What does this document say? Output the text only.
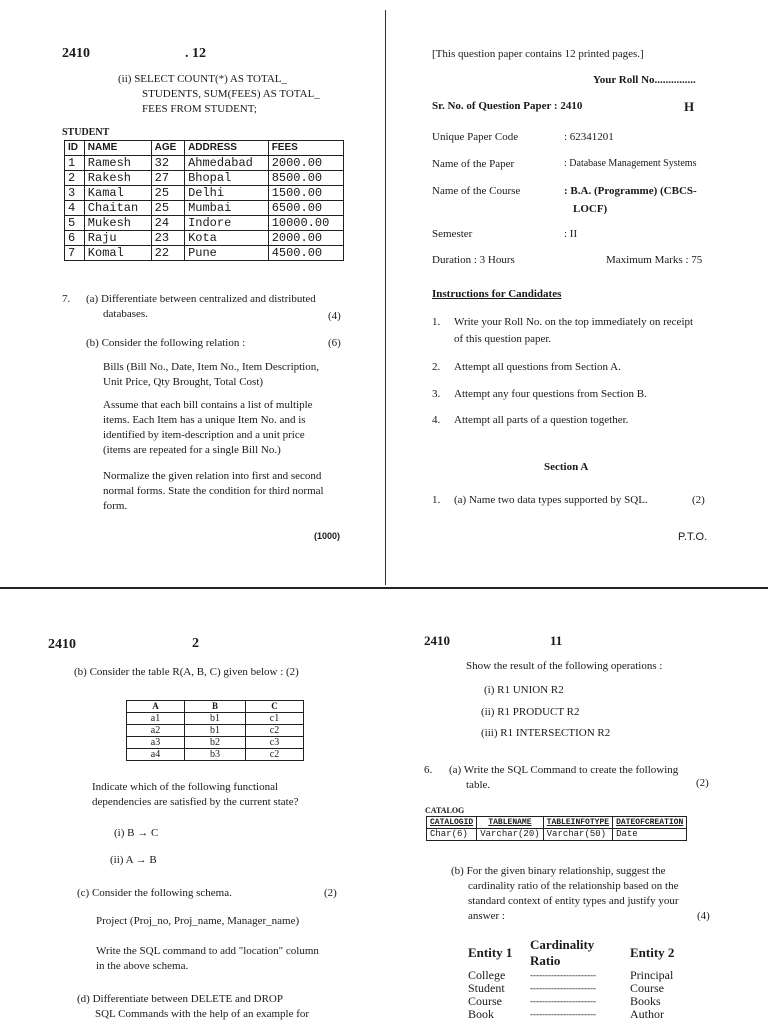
2410	. 12
(ii) SELECT COUNT(*) AS TOTAL_
STUDENTS, SUM(FEES) AS TOTAL_
FEES FROM STUDENT;
STUDENT
ID	NAME	AGE	ADDRESS	FEES
1	Ramesh	32	Ahmedabad	2000.00
2	Rakesh	27	Bhopal	8500.00
3	Kamal	25	Delhi	1500.00
4	Chaitan	25	Mumbai	6500.00
5	Mukesh	24	Indore	10000.00
6	Raju	23	Kota	2000.00
7	Komal	22	Pune	4500.00
7. (a) Differentiate between centralized and distributed
databases.	(4)
(b) Consider the following relation :	(6)
Bills (Bill No., Date, Item No., Item Description,
Unit Price, Qty Brought, Total Cost)
Assume that each bill contains a list of multiple
items. Each Item has a unique Item No. and is
identified by item-description and a unit price
(items are repeated for a single Bill No.)
Normalize the given relation into first and second
normal forms. State the condition for third normal
form.
(1000)
[This question paper contains 12 printed pages.]
Your Roll No...............
Sr. No. of Question Paper : 2410	H
Unique Paper Code	: 62341201
Name of the Paper	: Database Management Systems
Name of the Course	: B.A. (Programme) (CBCS-
LOCF)
Semester	: II
Duration : 3 Hours	Maximum Marks : 75
Instructions for Candidates
1. Write your Roll No. on the top immediately on receipt
of this question paper.
2. Attempt all questions from Section A.
3. Attempt any four questions from Section B.
4. Attempt all parts of a question together.
Section A
1. (a) Name two data types supported by SQL.	(2)
P.T.O.
2410	2
(b) Consider the table R(A, B, C) given below : (2)
A	B	C
a1	b1	c1
a2	b1	c2
a3	b2	c3
a4	b3	c2
Indicate which of the following functional
dependencies are satisfied by the current state?
(i) B → C
(ii) A → B
(c) Consider the following schema.	(2)
Project (Proj_no, Proj_name, Manager_name)
Write the SQL command to add "location" column
in the above schema.
(d) Differentiate between DELETE and DROP
SQL Commands with the help of an example for
2410	11
Show the result of the following operations :
(i) R1 UNION R2
(ii) R1 PRODUCT R2
(iii) R1 INTERSECTION R2
6. (a) Write the SQL Command to create the following
table.	(2)
CATALOG
CATALOGID	TABLENAME	TABLEINFOTYPE	DATEOFCREATION
Char(6)	Varchar(20)	Varchar(50)	Date
(b) For the given binary relationship, suggest the
cardinality ratio of the relationship based on the
standard context of entity types and justify your
answer :	(4)
Entity 1	Cardinality Ratio	Entity 2
College	----------------------	Principal
Student	----------------------	Course
Course	----------------------	Books
Book	----------------------	Author
